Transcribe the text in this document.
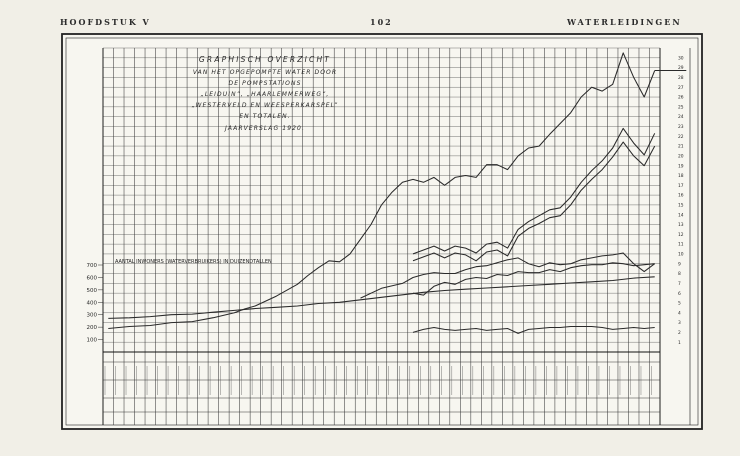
HOOFDSTUK V	102	WATERLEIDINGEN
100
200
300
400
500
600
700
1
2
3
4
5
6
7
8
9
10
11
12
13
14
15
16
17
18
19
20
21
22
23
24
25
26
27
28
29
30
GRAPHISCH OVERZICHT
VAN HET OPGEPOMPTE WATER DOOR
DE POMPSTATIONS
„LEIDUIN”, „HAARLEMMERWEG”,
„WESTERVELD EN WEESPERKARSPEL”
EN TOTALEN.
JAARVERSLAG 1920.
AANTAL INWONERS (WATERVERBRUIKERS) IN DUIZENDTALLEN
